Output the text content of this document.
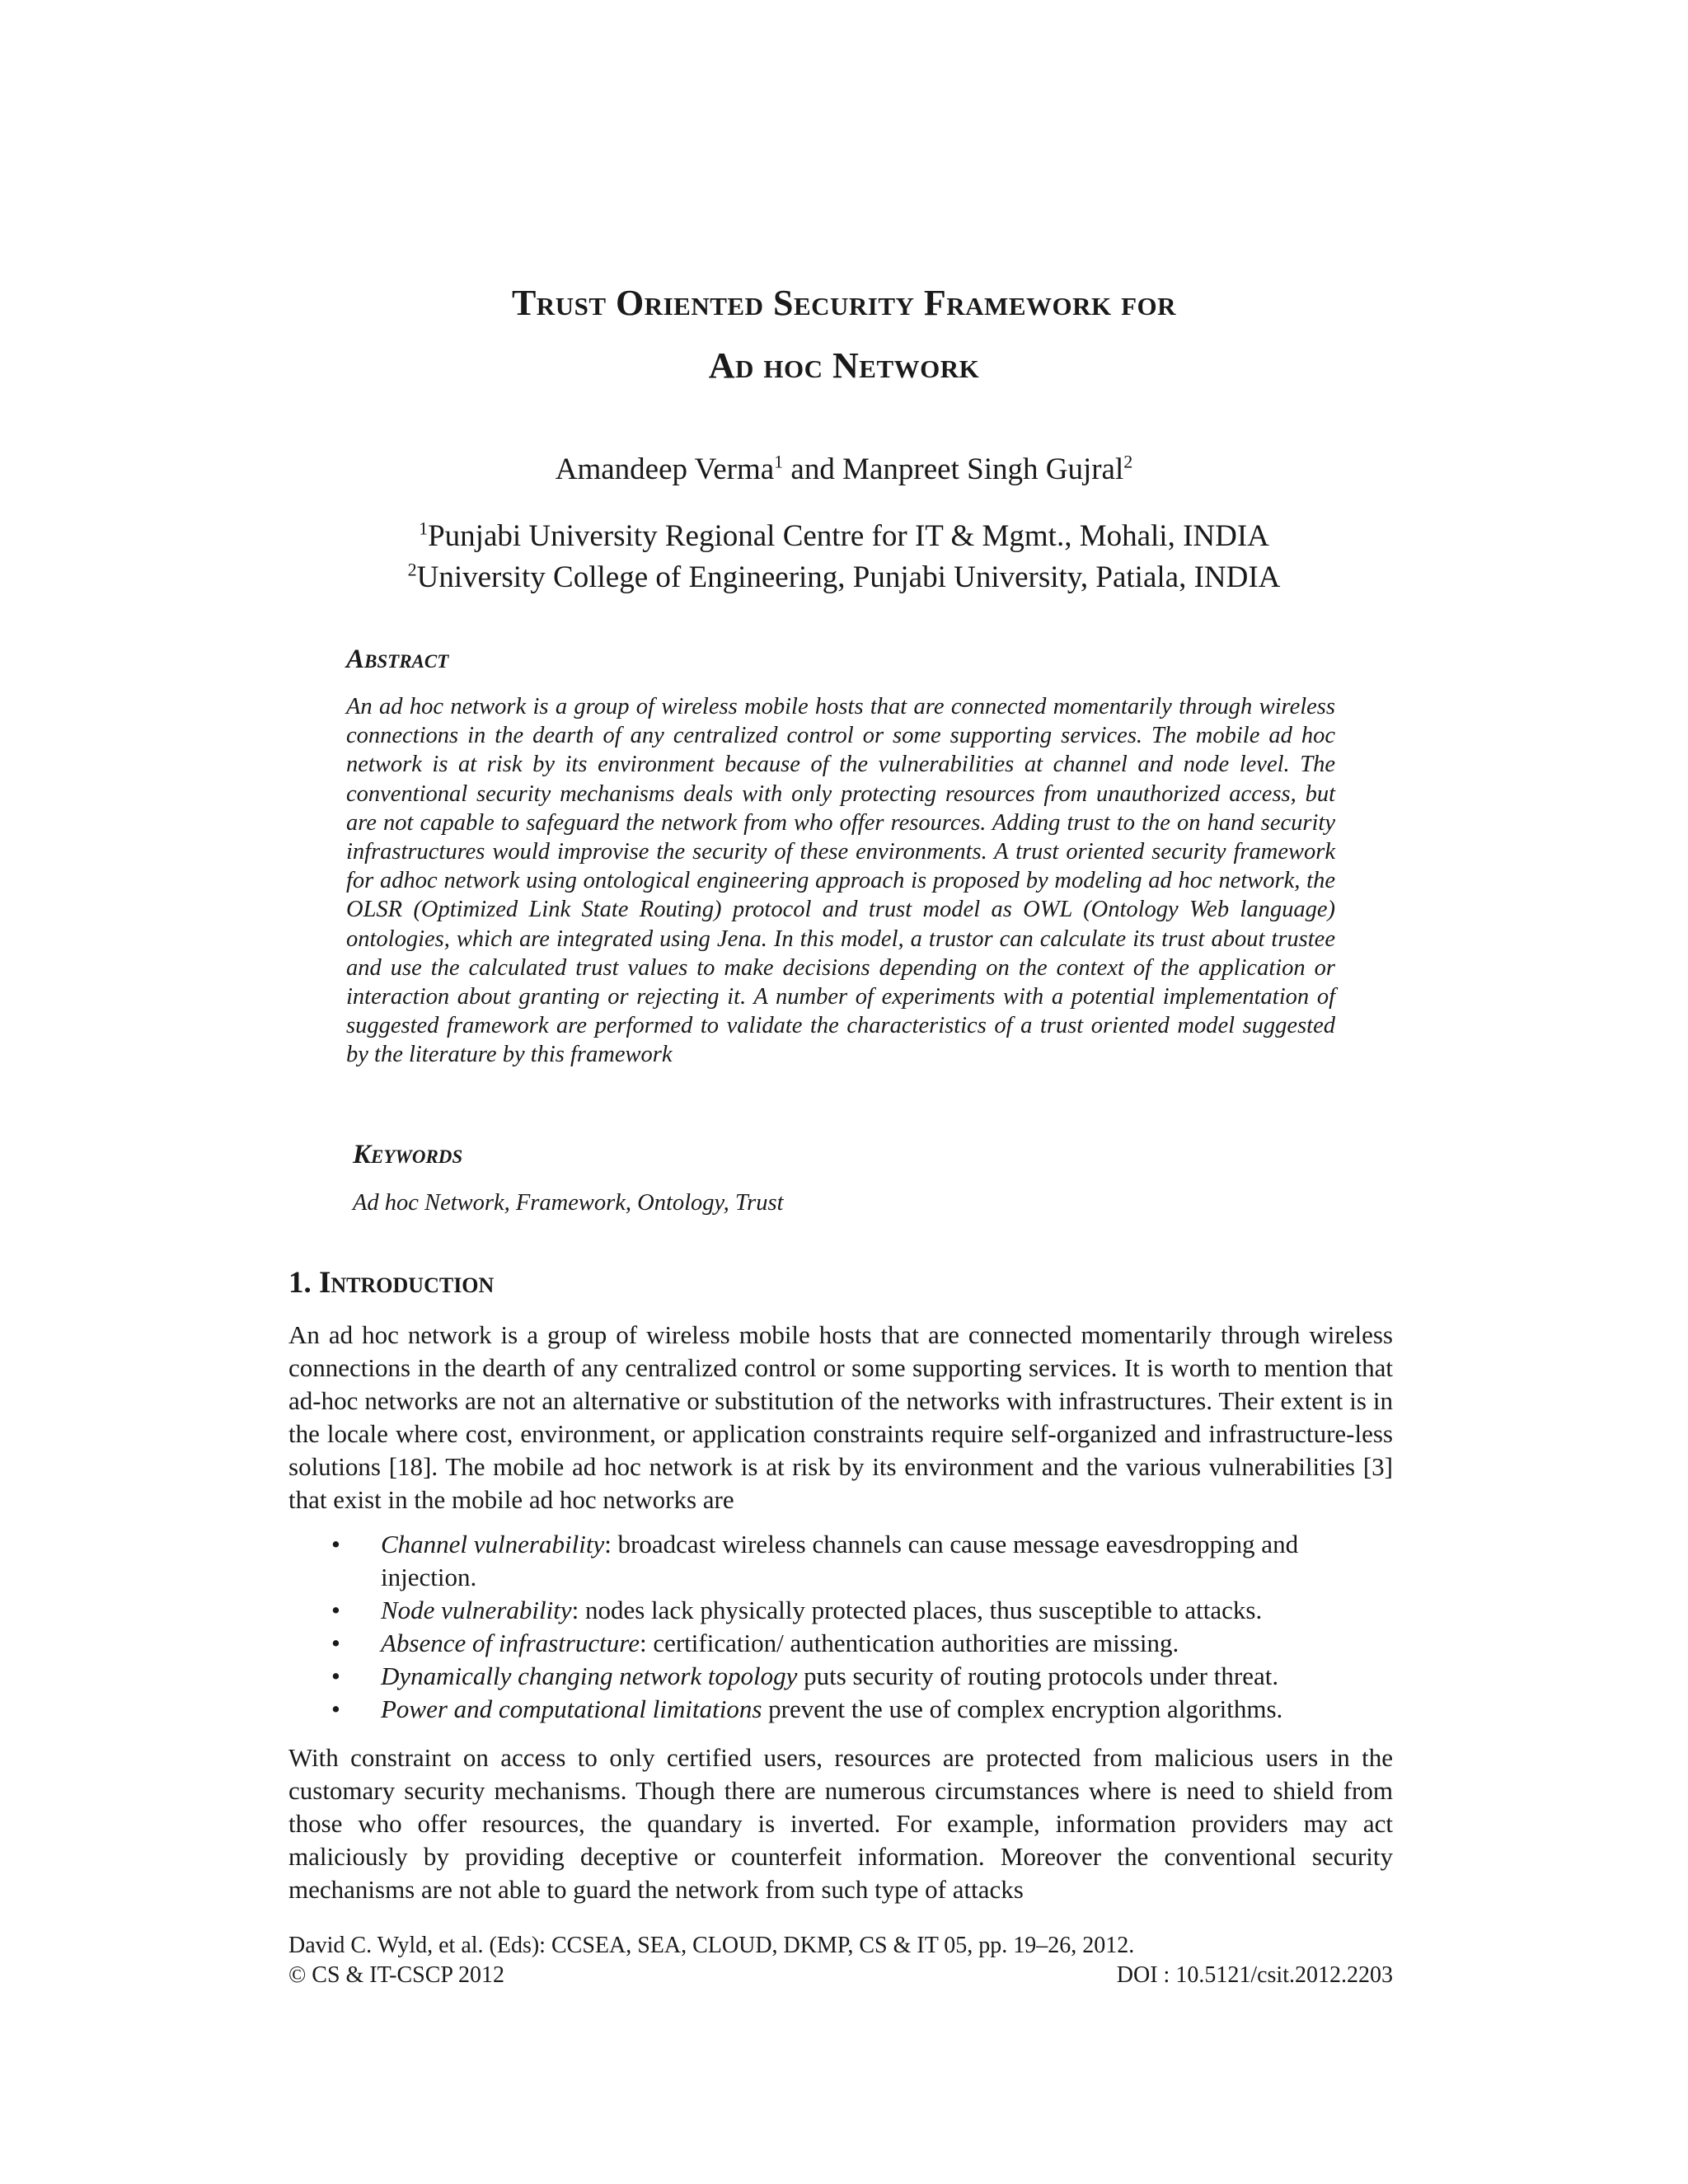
Trust Oriented Security Framework for
Ad hoc Network
Amandeep Verma$^1$ and Manpreet Singh Gujral$^2$
$^1$Punjabi University Regional Centre for IT & Mgmt., Mohali, INDIA
$^2$University College of Engineering, Punjabi University, Patiala, INDIA
Abstract
An ad hoc network is a group of wireless mobile hosts that are connected momentarily through wireless connections in the dearth of any centralized control or some supporting services. The mobile ad hoc network is at risk by its environment because of the vulnerabilities at channel and node level. The conventional security mechanisms deals with only protecting resources from unauthorized access, but are not capable to safeguard the network from who offer resources. Adding trust to the on hand security infrastructures would improvise the security of these environments. A trust oriented security framework for adhoc network using ontological engineering approach is proposed by modeling ad hoc network, the OLSR (Optimized Link State Routing) protocol and trust model as OWL (Ontology Web language) ontologies, which are integrated using Jena. In this model, a trustor can calculate its trust about trustee and use the calculated trust values to make decisions depending on the context of the application or interaction about granting or rejecting it. A number of experiments with a potential implementation of suggested framework are performed to validate the characteristics of a trust oriented model suggested by the literature by this framework
Keywords
Ad hoc Network, Framework, Ontology, Trust
1. Introduction
An ad hoc network is a group of wireless mobile hosts that are connected momentarily through wireless connections in the dearth of any centralized control or some supporting services. It is worth to mention that ad-hoc networks are not an alternative or substitution of the networks with infrastructures. Their extent is in the locale where cost, environment, or application constraints require self-organized and infrastructure-less solutions [18]. The mobile ad hoc network is at risk by its environment and the various vulnerabilities [3] that exist in the mobile ad hoc networks are
• Channel vulnerability: broadcast wireless channels can cause message eavesdropping and injection.
• Node vulnerability: nodes lack physically protected places, thus susceptible to attacks.
• Absence of infrastructure: certification/ authentication authorities are missing.
• Dynamically changing network topology puts security of routing protocols under threat.
• Power and computational limitations prevent the use of complex encryption algorithms.
With constraint on access to only certified users, resources are protected from malicious users in the customary security mechanisms. Though there are numerous circumstances where is need to shield from those who offer resources, the quandary is inverted. For example, information providers may act maliciously by providing deceptive or counterfeit information. Moreover the conventional security mechanisms are not able to guard the network from such type of attacks
David C. Wyld, et al. (Eds): CCSEA, SEA, CLOUD, DKMP, CS & IT 05, pp. 19–26, 2012.
© CS & IT-CSCP 2012	DOI : 10.5121/csit.2012.2203
